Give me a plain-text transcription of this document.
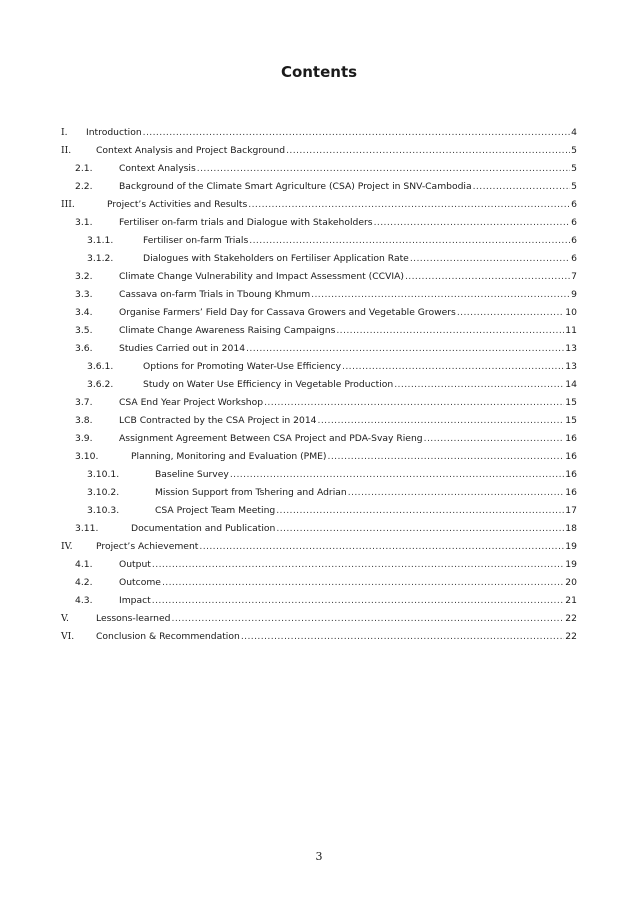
Contents
I. Introduction .....	4
II.	Context Analysis and Project Background .....	5
2.1.	Context Analysis .....	5
2.2.	Background of the Climate Smart Agriculture (CSA) Project in SNV-Cambodia .....	5
III.	Project’s Activities and Results .....	6
3.1.	Fertiliser on-farm trials and Dialogue with Stakeholders .....	6
3.1.1.	Fertiliser on-farm Trials .....	6
3.1.2.	Dialogues with Stakeholders on Fertiliser Application Rate .....	6
3.2.	Climate Change Vulnerability and Impact Assessment (CCVIA) .....	7
3.3.	Cassava on-farm Trials in Tboung Khmum .....	9
3.4.	Organise Farmers’ Field Day for Cassava Growers and Vegetable Growers .....	10
3.5.	Climate Change Awareness Raising Campaigns .....	11
3.6.	Studies Carried out in 2014 .....	13
3.6.1.	Options for Promoting Water-Use Efficiency .....	13
3.6.2.	Study on Water Use Efficiency in Vegetable Production .....	14
3.7.	CSA End Year Project Workshop .....	15
3.8.	LCB Contracted by the CSA Project in 2014 .....	15
3.9.	Assignment Agreement Between CSA Project and PDA-Svay Rieng .....	16
3.10.	Planning, Monitoring and Evaluation (PME) .....	16
3.10.1.	Baseline Survey .....	16
3.10.2.	Mission Support from Tshering and Adrian .....	16
3.10.3.	CSA Project Team Meeting .....	17
3.11.	Documentation and Publication .....	18
IV.	Project’s Achievement .....	19
4.1.	Output .....	19
4.2.	Outcome .....	20
4.3.	Impact .....	21
V.	Lessons-learned .....	22
VI. Conclusion & Recommendation .....	22
3
